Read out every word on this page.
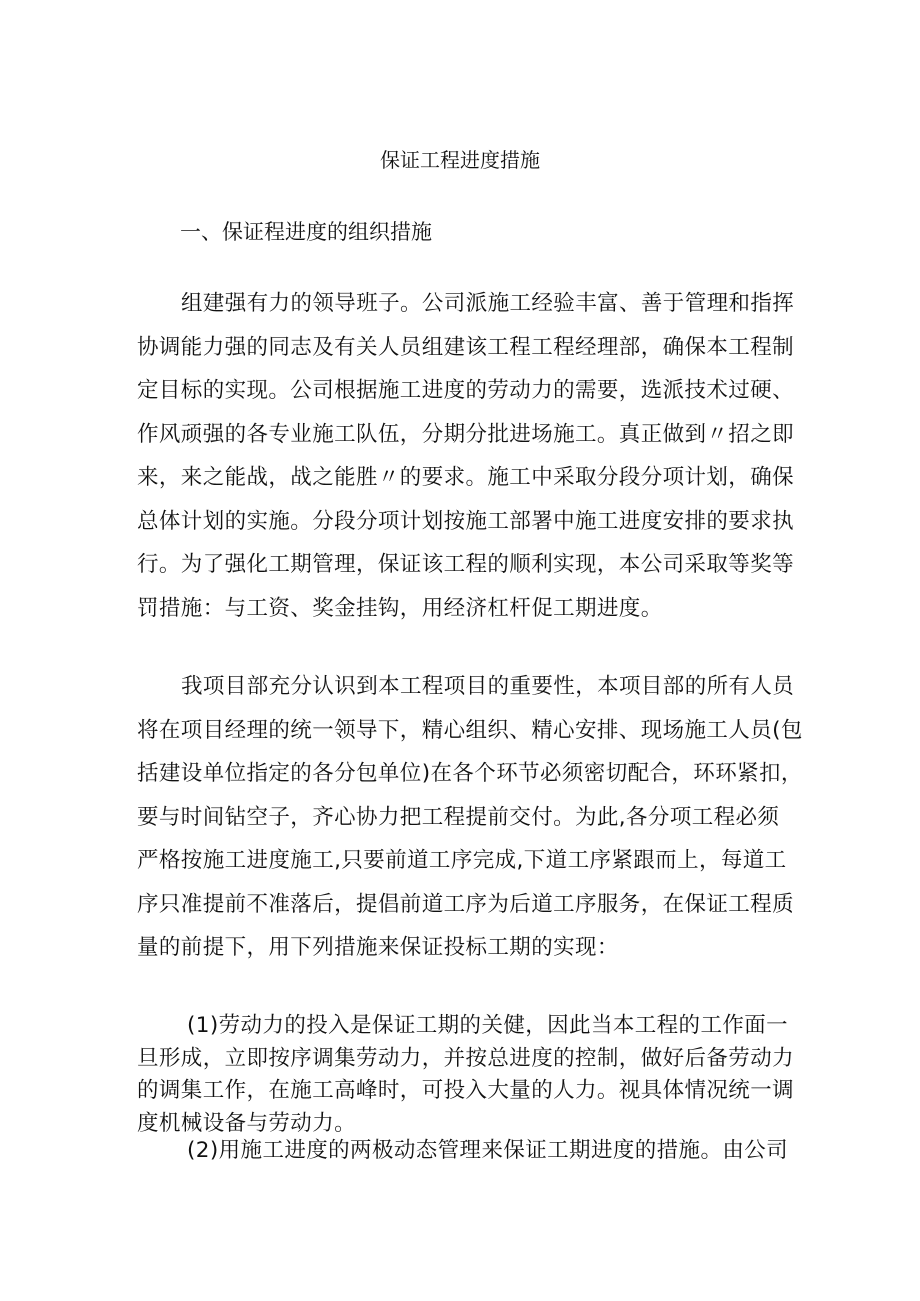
保证工程进度措施
一、保证程进度的组织措施
组建强有力的领导班子。公司派施工经验丰富、善于管理和指挥
协调能力强的同志及有关人员组建该工程工程经理部，确保本工程制
定目标的实现。公司根据施工进度的劳动力的需要，选派技术过硬、
作风顽强的各专业施工队伍，分期分批进场施工。真正做到〃招之即
来，来之能战，战之能胜〃的要求。施工中采取分段分项计划，确保
总体计划的实施。分段分项计划按施工部署中施工进度安排的要求执
行。为了强化工期管理，保证该工程的顺利实现，本公司采取等奖等
罚措施：与工资、奖金挂钩，用经济杠杆促工期进度。
我项目部充分认识到本工程项目的重要性，本项目部的所有人员
将在项目经理的统一领导下，精心组织、精心安排、现场施工人员(包
括建设单位指定的各分包单位)在各个环节必须密切配合，环环紧扣，
要与时间钻空子，齐心协力把工程提前交付。为此,各分项工程必须
严格按施工进度施工,只要前道工序完成,下道工序紧跟而上，每道工
序只准提前不准落后，提倡前道工序为后道工序服务，在保证工程质
量的前提下，用下列措施来保证投标工期的实现：
(1)劳动力的投入是保证工期的关健，因此当本工程的工作面一
旦形成，立即按序调集劳动力，并按总进度的控制，做好后备劳动力
的调集工作，在施工高峰时，可投入大量的人力。视具体情况统一调
度机械设备与劳动力。
(2)用施工进度的两极动态管理来保证工期进度的措施。由公司
